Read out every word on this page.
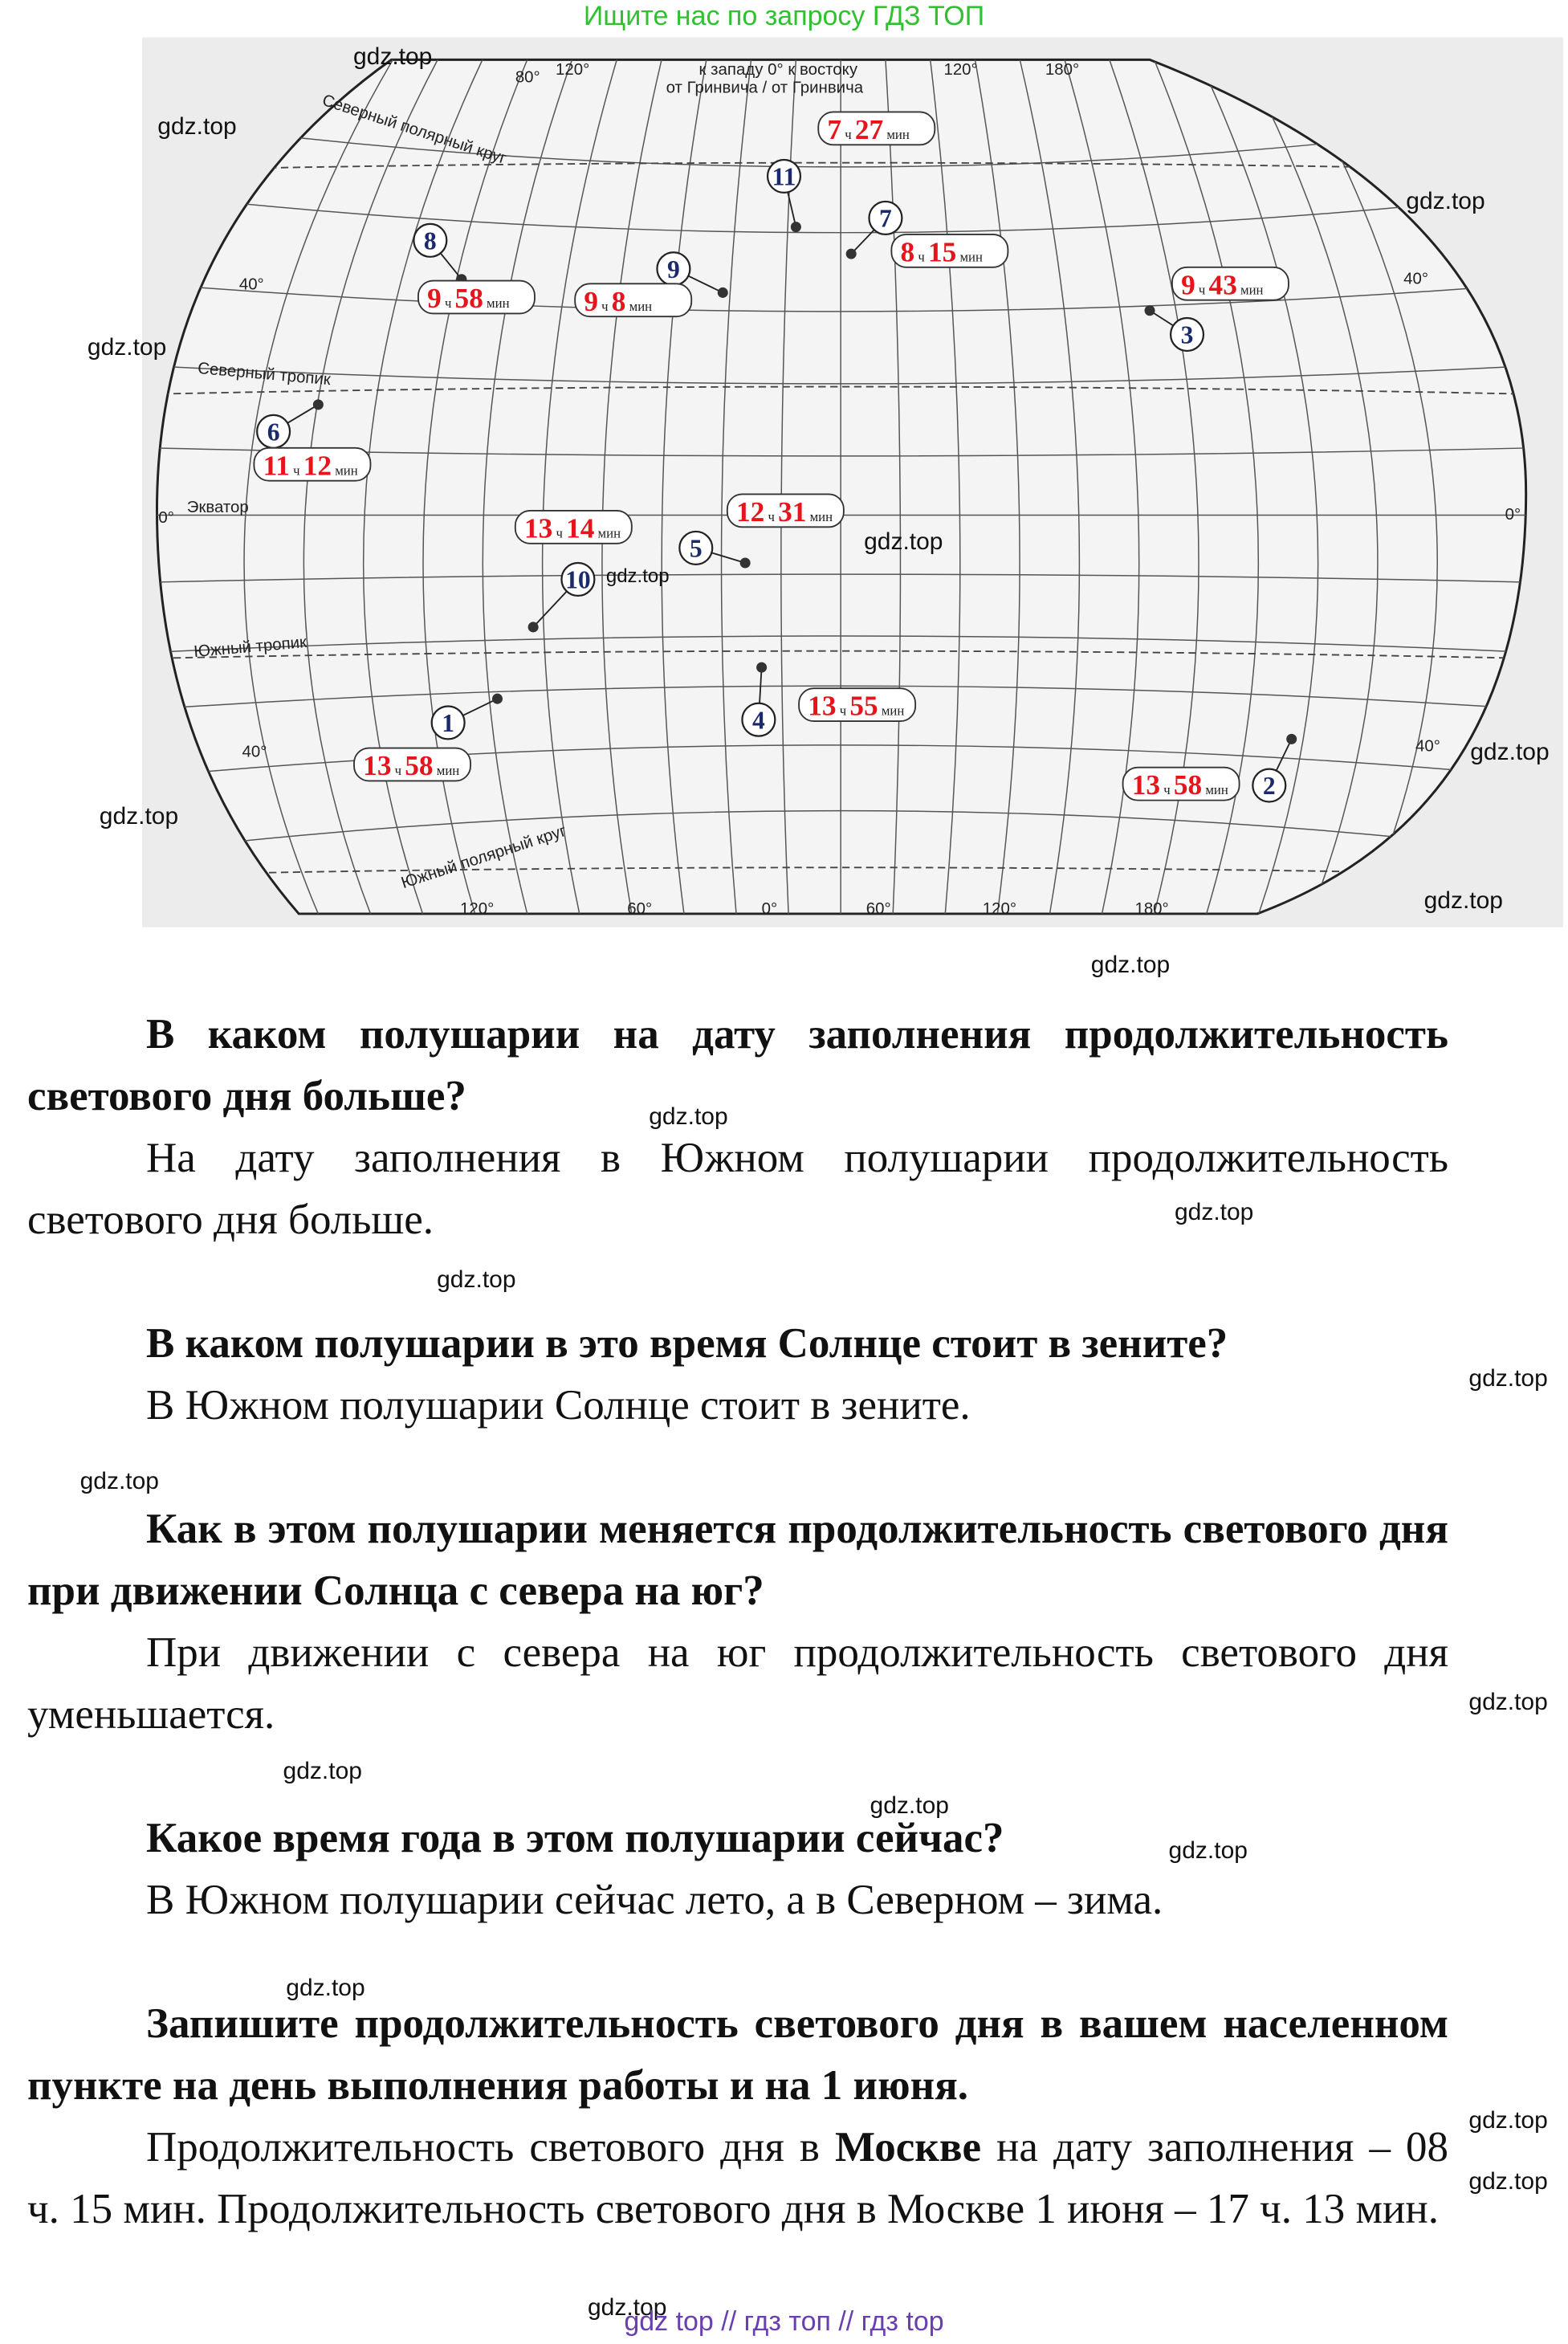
Ищите нас по запросу ГДЗ ТОП
Северный полярный круг
Северный тропик
Экватор
Южный тропик
Южный полярный круг
к западу 0° к востоку
от Гринвича / от Гринвича
80° 120°	120°	180°
120°	60°	0°	60°	120°	180°
40°	40°
0°	0°
40°	40°
1
13 ч 58 мин
2
13 ч 58 мин
3
9 ч 43 мин
4	13 ч 55 мин
5
12 ч 31 мин
6
11 ч 12 мин
7
8 ч 15 мин
8
9 ч 58 мин
9
9 ч 8 мин
10
13 ч 14 мин
11
7 ч 27 мин
gdz.top
gdz.top
gdz.top
gdz.top
gdz.top
gdz.top
gdz.top
gdz.top
gdz.top
gdz.top
gdz.top
gdz.top
gdz.top
gdz.top
gdz.top
gdz.top
gdz.top
gdz.top
gdz.top
gdz.top
gdz.top
gdz.top
gdz.top

В каком полушарии на дату заполнения продолжительность светового дня больше?

На дату заполнения в Южном полушарии продолжительность светового дня больше.

В каком полушарии в это время Солнце стоит в зените?

В Южном полушарии Солнце стоит в зените.

Как в этом полушарии меняется продолжительность светового дня при движении Солнца с севера на юг?

При движении с севера на юг продолжительность светового дня уменьшается.

Какое время года в этом полушарии сейчас?

В Южном полушарии сейчас лето, а в Северном – зима.

Запишите продолжительность светового дня в вашем населенном пункте на день выполнения работы и на 1 июня.

Продолжительность светового дня в Москве на дату заполнения – 08 ч. 15 мин. Продолжительность светового дня в Москве 1 июня – 17 ч. 13 мин.

gdz top // гдз топ // гдз top
